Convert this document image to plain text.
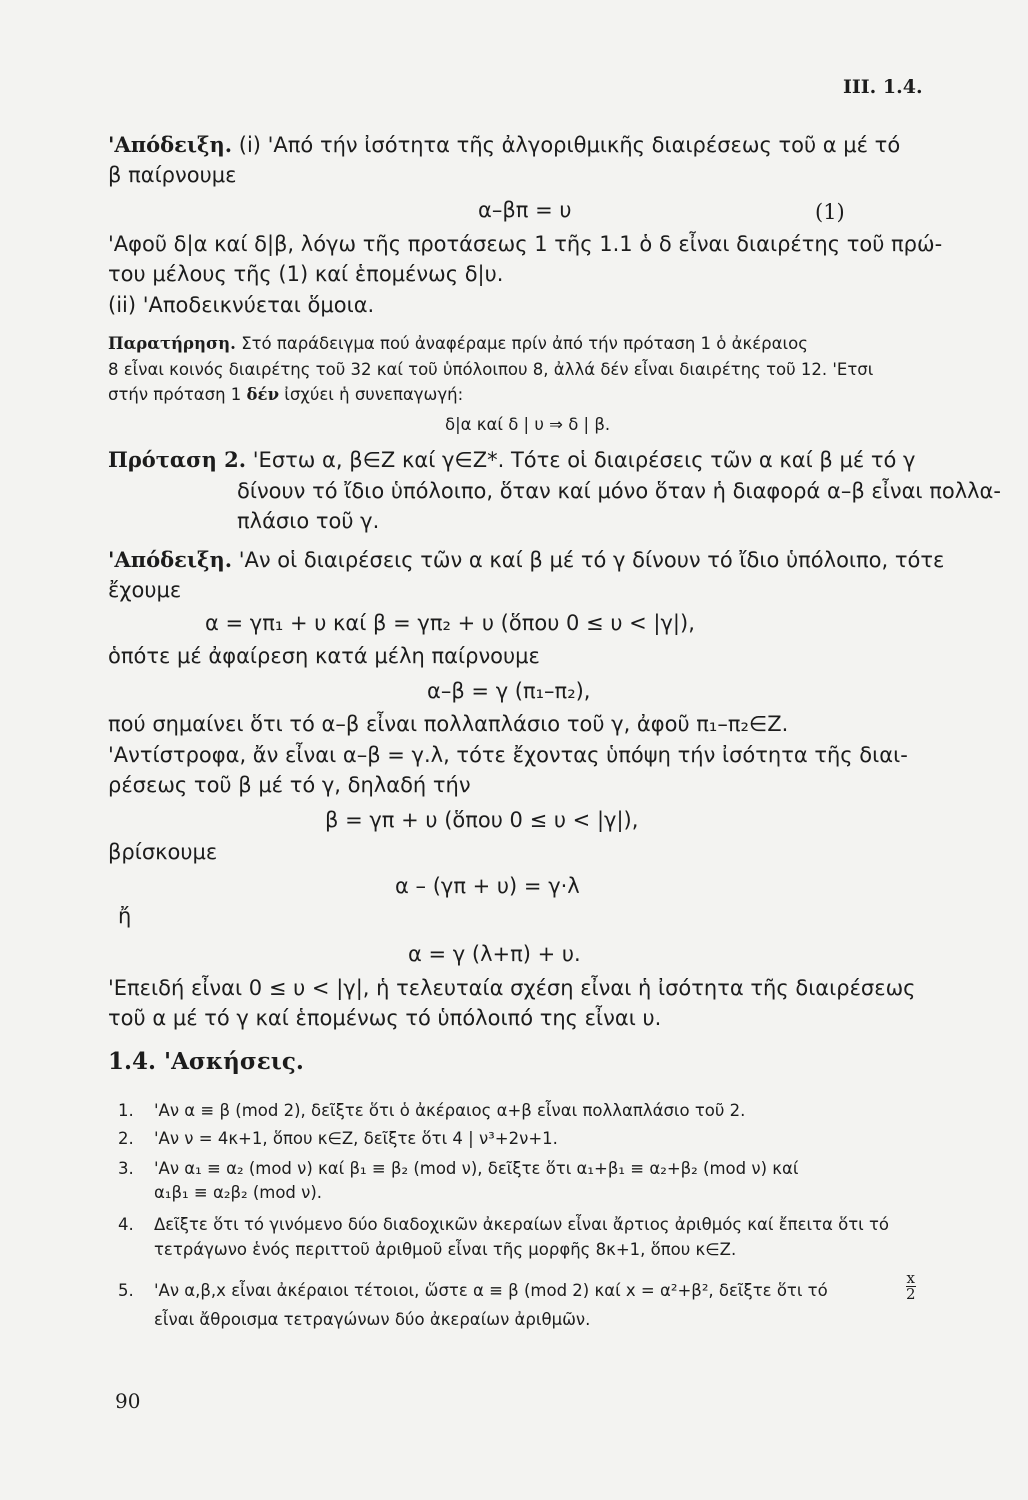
III. 1.4.
'Απόδειξη. (i) 'Από τήν ἰσότητα τῆς ἀλγοριθμικῆς διαιρέσεως τοῦ α μέ τό
β παίρνουμε
α–βπ = υ	(1)
'Αφοῦ δ|α καί δ|β, λόγω τῆς προτάσεως 1 τῆς 1.1 ὁ δ εἶναι διαιρέτης τοῦ πρώ-
του μέλους τῆς (1) καί ἑπομένως δ|υ.
(ii) 'Αποδεικνύεται ὅμοια.
Παρατήρηση. Στό παράδειγμα πού ἀναφέραμε πρίν ἀπό τήν πρόταση 1 ὁ ἀκέραιος
8 εἶναι κοινός διαιρέτης τοῦ 32 καί τοῦ ὑπόλοιπου 8, ἀλλά δέν εἶναι διαιρέτης τοῦ 12. 'Ετσι
στήν πρόταση 1 δέν ἰσχύει ἡ συνεπαγωγή:
δ|α καί δ | υ ⇒ δ | β.
Πρόταση 2. 'Εστω α, β∈Z καί γ∈Z*. Τότε οἱ διαιρέσεις τῶν α καί β μέ τό γ
δίνουν τό ἴδιο ὑπόλοιπο, ὅταν καί μόνο ὅταν ἡ διαφορά α–β εἶναι πολλα-
πλάσιο τοῦ γ.
'Απόδειξη. 'Αν οἱ διαιρέσεις τῶν α καί β μέ τό γ δίνουν τό ἴδιο ὑπόλοιπο, τότε
ἔχουμε
α = γπ₁ + υ καί β = γπ₂ + υ (ὅπου 0 ≤ υ < |γ|),
ὁπότε μέ ἀφαίρεση κατά μέλη παίρνουμε
α–β = γ (π₁–π₂),
πού σημαίνει ὅτι τό α–β εἶναι πολλαπλάσιο τοῦ γ, ἀφοῦ π₁–π₂∈Z.
'Αντίστροφα, ἄν εἶναι α–β = γ.λ, τότε ἔχοντας ὑπόψη τήν ἰσότητα τῆς διαι-
ρέσεως τοῦ β μέ τό γ, δηλαδή τήν
β = γπ + υ (ὅπου 0 ≤ υ < |γ|),
βρίσκουμε
α – (γπ + υ) = γ·λ
ἤ
α = γ (λ+π) + υ.
'Επειδή εἶναι 0 ≤ υ < |γ|, ἡ τελευταία σχέση εἶναι ἡ ἰσότητα τῆς διαιρέσεως
τοῦ α μέ τό γ καί ἑπομένως τό ὑπόλοιπό της εἶναι υ.
1.4. 'Ασκήσεις.
1. 'Αν α ≡ β (mod 2), δεῖξτε ὅτι ὁ ἀκέραιος α+β εἶναι πολλαπλάσιο τοῦ 2.
2. 'Αν ν = 4κ+1, ὅπου κ∈Z, δεῖξτε ὅτι 4 | ν³+2ν+1.
3. 'Αν α₁ ≡ α₂ (mod ν) καί β₁ ≡ β₂ (mod ν), δεῖξτε ὅτι α₁+β₁ ≡ α₂+β₂ (mod ν) καί
α₁β₁ ≡ α₂β₂ (mod ν).
4. Δεῖξτε ὅτι τό γινόμενο δύο διαδοχικῶν ἀκεραίων εἶναι ἄρτιος ἀριθμός καί ἔπειτα ὅτι τό
τετράγωνο ἑνός περιττοῦ ἀριθμοῦ εἶναι τῆς μορφῆς 8κ+1, ὅπου κ∈Z.
5. 'Αν α,β,x εἶναι ἀκέραιοι τέτοιοι, ὥστε α ≡ β (mod 2) καί x = α²+β², δεῖξτε ὅτι τό	$\frac{x}{2}$
εἶναι ἄθροισμα τετραγώνων δύο ἀκεραίων ἀριθμῶν.
90
